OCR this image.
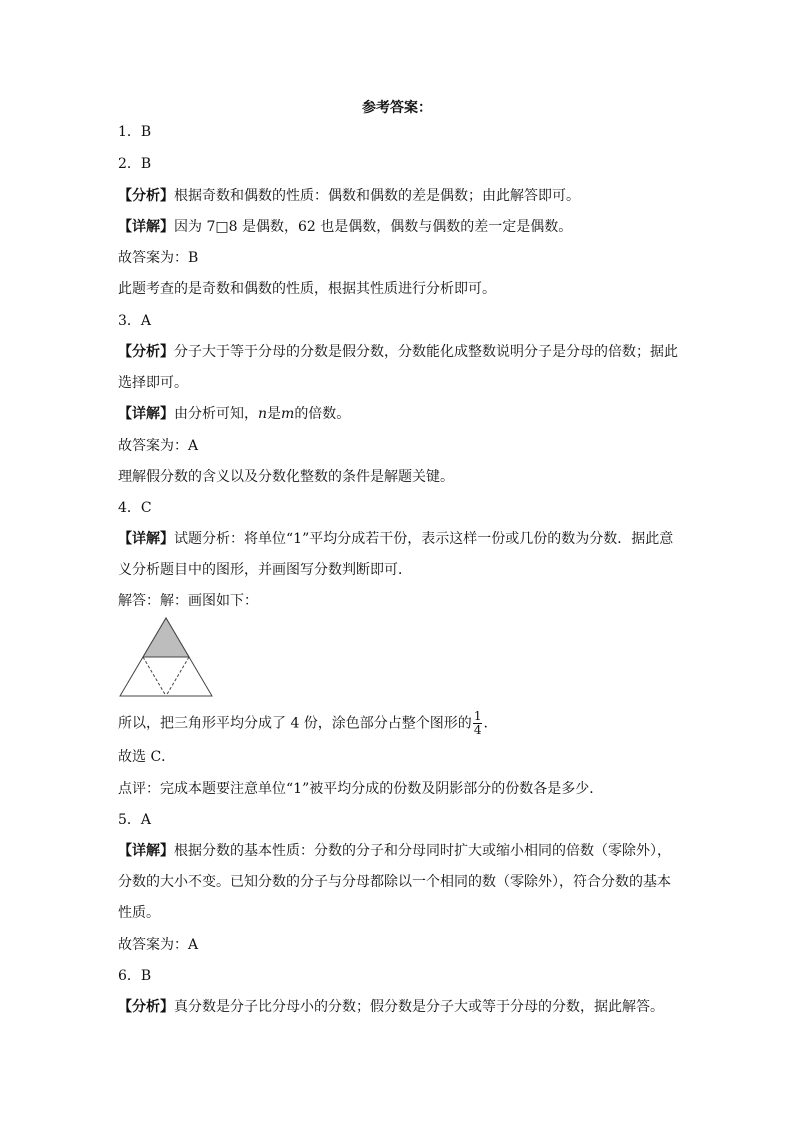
参考答案：
1．B
2．B
【分析】根据奇数和偶数的性质：偶数和偶数的差是偶数；由此解答即可。
【详解】因为 7□8 是偶数，62 也是偶数，偶数与偶数的差一定是偶数。
故答案为：B
此题考查的是奇数和偶数的性质，根据其性质进行分析即可。
3．A
【分析】分子大于等于分母的分数是假分数，分数能化成整数说明分子是分母的倍数；据此
选择即可。
【详解】由分析可知，n是m的倍数。
故答案为：A
理解假分数的含义以及分数化整数的条件是解题关键。
4．C
【详解】试题分析：将单位“1”平均分成若干份，表示这样一份或几份的数为分数．据此意
义分析题目中的图形，并画图写分数判断即可．
解答：解：画图如下：
所以，把三角形平均分成了 4 份，涂色部分占整个图形的 $\frac{1}{4}$ .
故选 C．
点评：完成本题要注意单位“1”被平均分成的份数及阴影部分的份数各是多少．
5．A
【详解】根据分数的基本性质：分数的分子和分母同时扩大或缩小相同的倍数（零除外），
分数的大小不变。已知分数的分子与分母都除以一个相同的数（零除外），符合分数的基本
性质。
故答案为：A
6．B
【分析】真分数是分子比分母小的分数；假分数是分子大或等于分母的分数，据此解答。
